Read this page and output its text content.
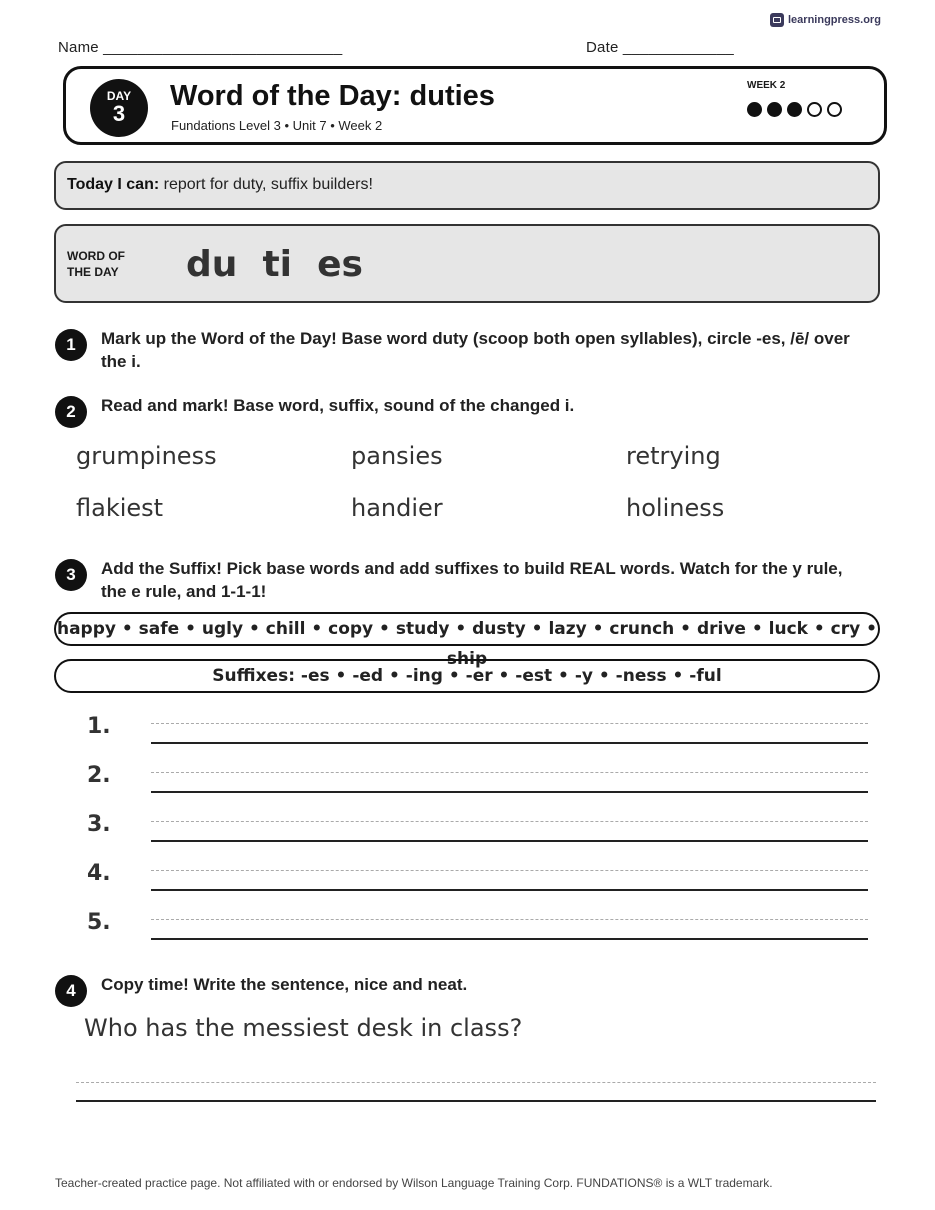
learningpress.org
Name ____________________________	Date _____________
DAY
3
Word of the Day: duties
Fundations Level 3 • Unit 7 • Week 2
WEEK 2
Today I can: report for duty, suffix builders!
WORD OF THE DAY	du  ti  es
1	Mark up the Word of the Day! Base word duty (scoop both open syllables), circle -es, /ē/ over the i.
2	Read and mark! Base word, suffix, sound of the changed i.
grumpiness	pansies	retrying
flakiest	handier	holiness
3	Add the Suffix! Pick base words and add suffixes to build REAL words. Watch for the y rule, the e rule, and 1-1-1!
happy • safe • ugly • chill • copy • study • dusty • lazy • crunch • drive • luck • cry • ship
Suffixes: -es • -ed • -ing • -er • -est • -y • -ness • -ful
1.
2.
3.
4.
5.
4	Copy time! Write the sentence, nice and neat.
Who has the messiest desk in class?
Teacher-created practice page. Not affiliated with or endorsed by Wilson Language Training Corp. FUNDATIONS® is a WLT trademark.
